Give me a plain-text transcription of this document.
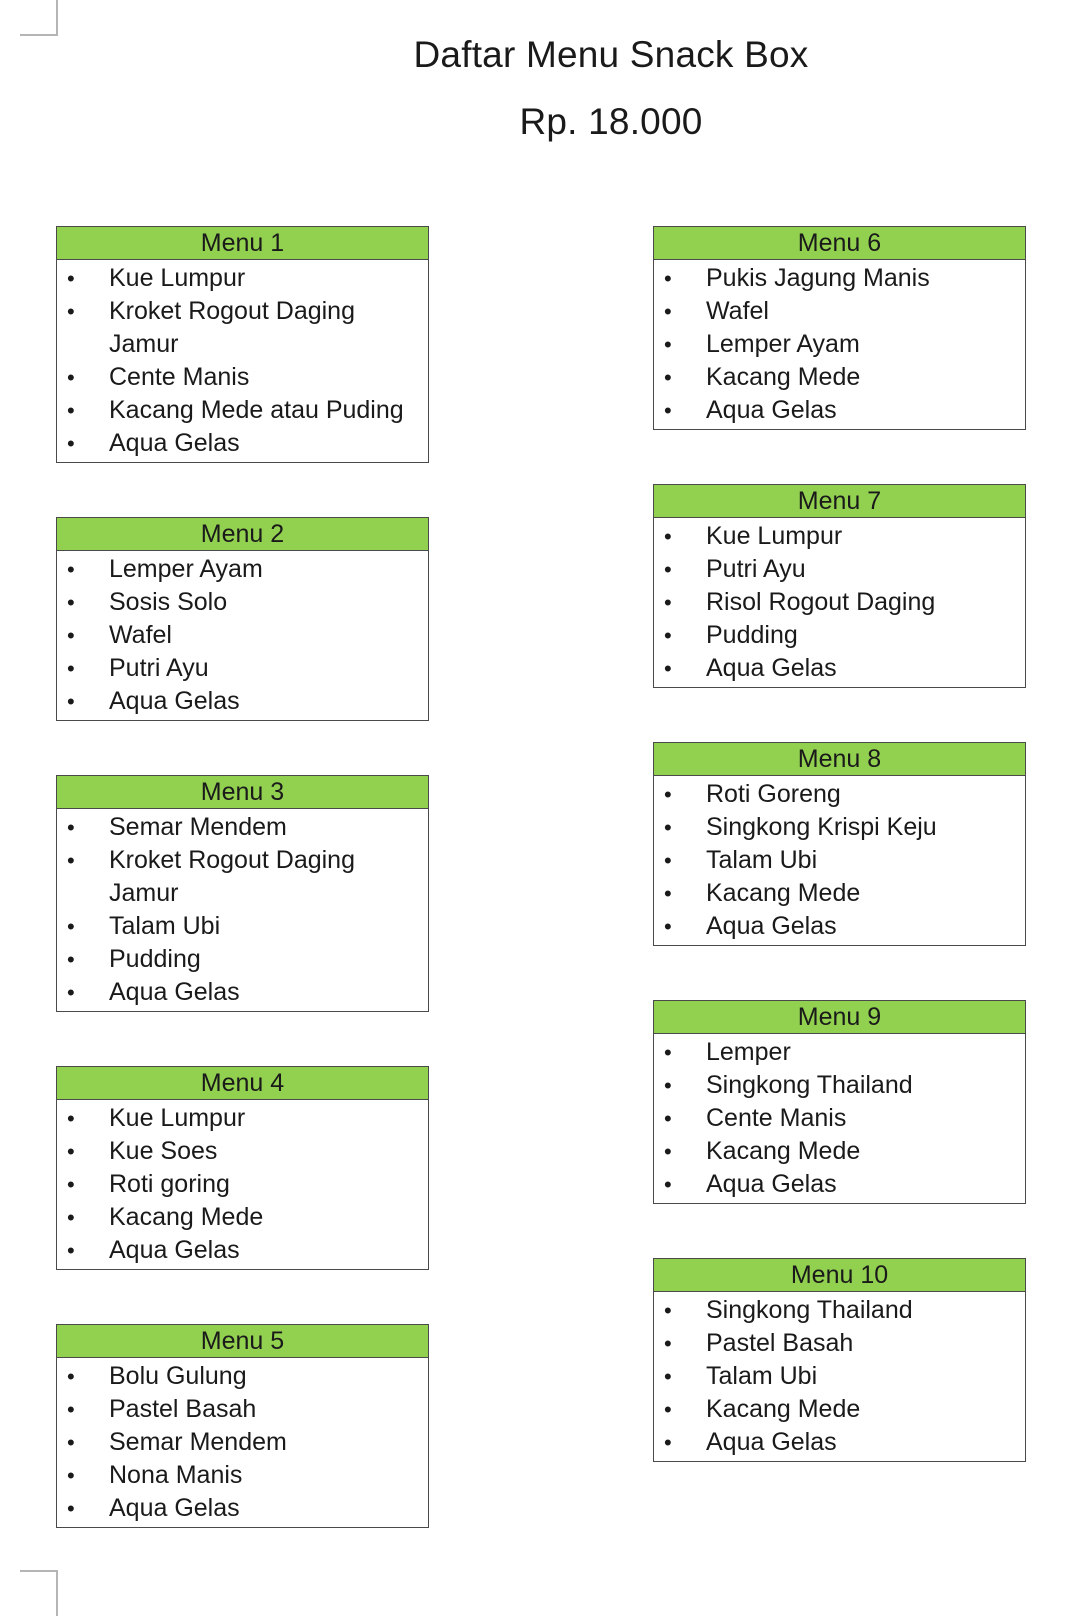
Daftar Menu Snack Box
Rp. 18.000
Menu 1
• Kue Lumpur
• Kroket Rogout Daging Jamur
• Cente Manis
• Kacang Mede atau Puding
• Aqua Gelas
Menu 2
• Lemper Ayam
• Sosis Solo
• Wafel
• Putri Ayu
• Aqua Gelas
Menu 3
• Semar Mendem
• Kroket Rogout Daging Jamur
• Talam Ubi
• Pudding
• Aqua Gelas
Menu 4
• Kue Lumpur
• Kue Soes
• Roti goring
• Kacang Mede
• Aqua Gelas
Menu 5
• Bolu Gulung
• Pastel Basah
• Semar Mendem
• Nona Manis
• Aqua Gelas
Menu 6
• Pukis Jagung Manis
• Wafel
• Lemper Ayam
• Kacang Mede
• Aqua Gelas
Menu 7
• Kue Lumpur
• Putri Ayu
• Risol Rogout Daging
• Pudding
• Aqua Gelas
Menu 8
• Roti Goreng
• Singkong Krispi Keju
• Talam Ubi
• Kacang Mede
• Aqua Gelas
Menu 9
• Lemper
• Singkong Thailand
• Cente Manis
• Kacang Mede
• Aqua Gelas
Menu 10
• Singkong Thailand
• Pastel Basah
• Talam Ubi
• Kacang Mede
• Aqua Gelas
